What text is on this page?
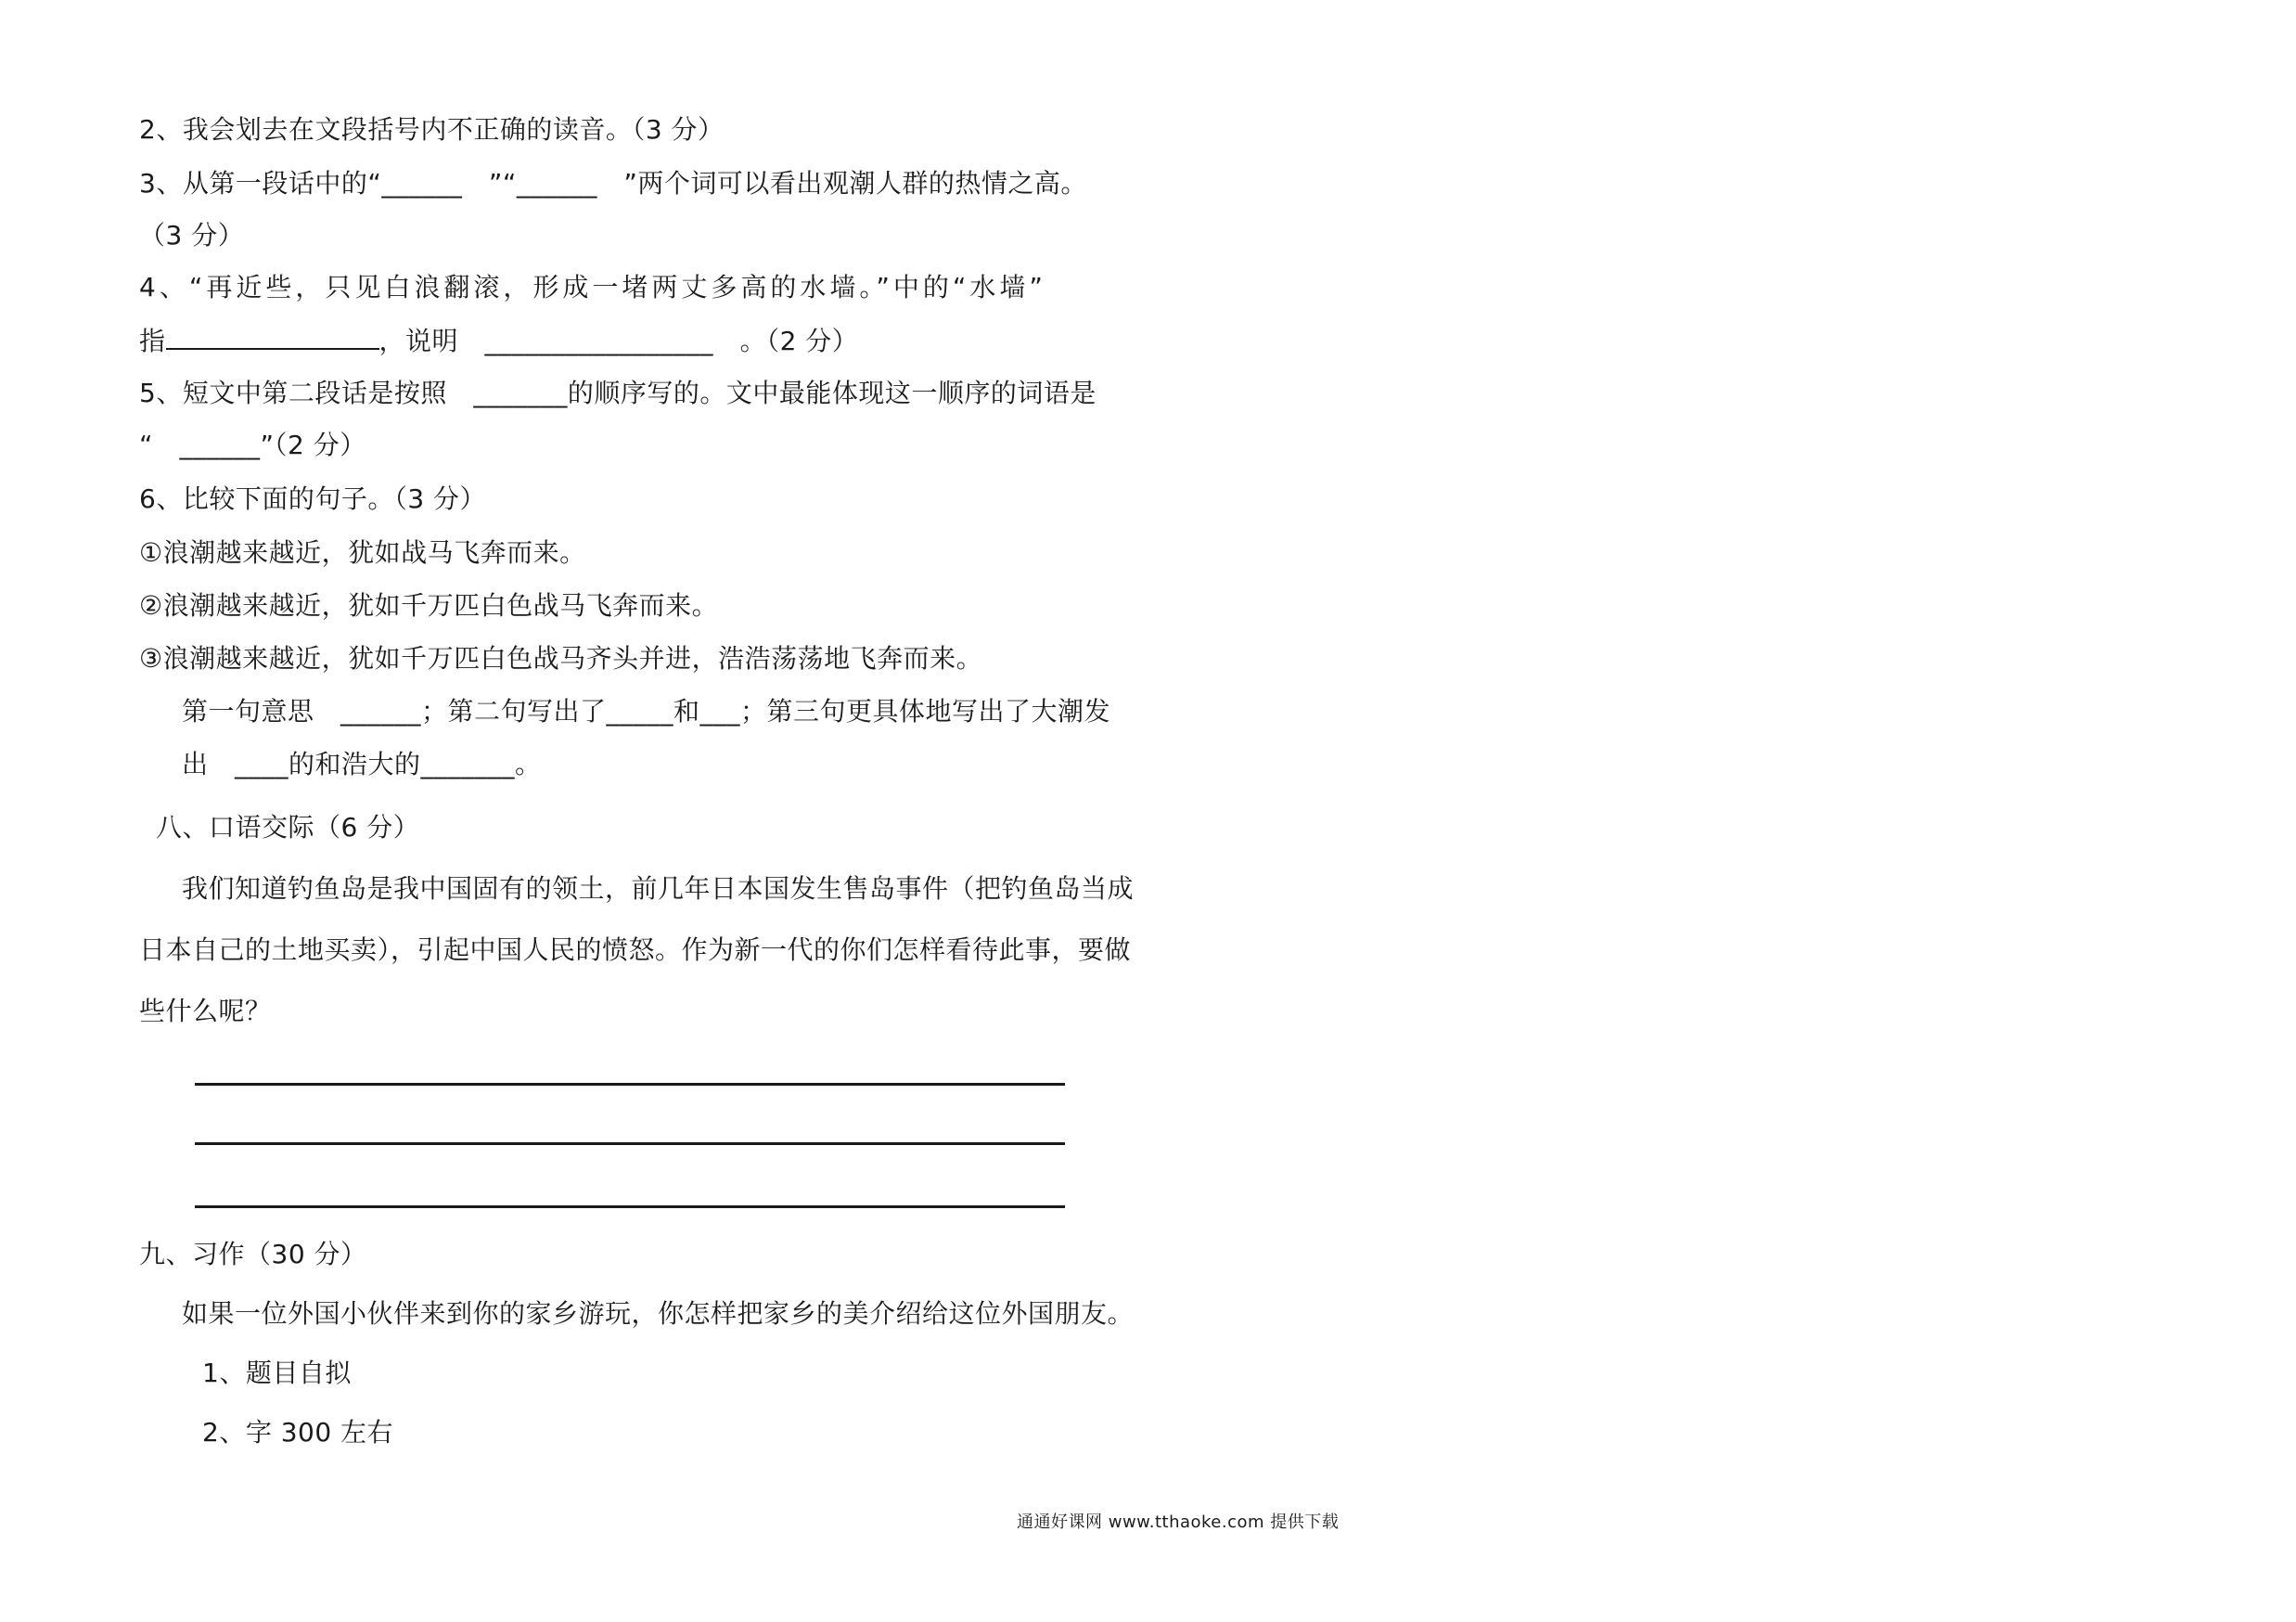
2、我会划去在文段括号内不正确的读音。（3 分）
3、从第一段话中的“______　”“______　”两个词可以看出观潮人群的热情之高。
（3 分）
4、“再近些，只见白浪翻滚，形成一堵两丈多高的水墙。”中的“水墙”
指	，说明　 _________________　 。（2 分）
5、短文中第二段话是按照　_______的顺序写的。文中最能体现这一顺序的词语是
“　______”（2 分）
6、比较下面的句子。（3 分）
①浪潮越来越近，犹如战马飞奔而来。
②浪潮越来越近，犹如千万匹白色战马飞奔而来。
③浪潮越来越近，犹如千万匹白色战马齐头并进，浩浩荡荡地飞奔而来。
第一句意思　______；第二句写出了_____和___；第三句更具体地写出了大潮发
出　____的和浩大的_______。
八、口语交际（6 分）
我们知道钓鱼岛是我中国固有的领土，前几年日本国发生售岛事件（把钓鱼岛当成
日本自己的土地买卖），引起中国人民的愤怒。作为新一代的你们怎样看待此事，要做
些什么呢？
九、习作（30 分）
如果一位外国小伙伴来到你的家乡游玩，你怎样把家乡的美介绍给这位外国朋友。
1、题目自拟
2、字 300 左右
通通好课网 www.tthaoke.com 提供下载
